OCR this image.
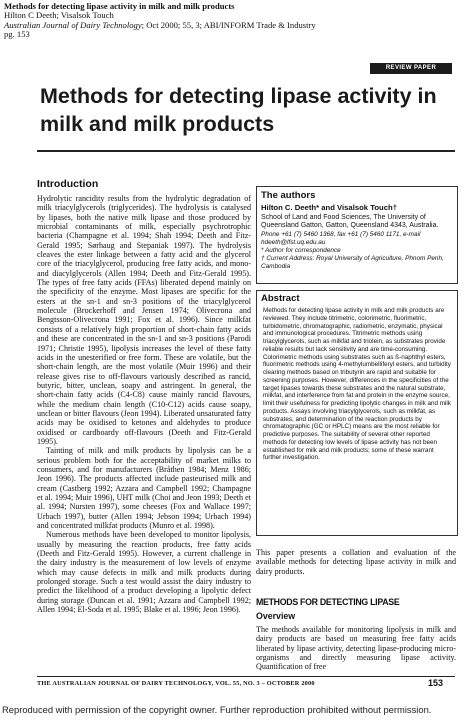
Methods for detecting lipase activity in milk and milk products
Hilton C Deeth; Visalsok Touch
Australian Journal of Dairy Technology; Oct 2000; 55, 3; ABI/INFORM Trade & Industry
pg. 153
REVIEW PAPER
Methods for detecting lipase activity in milk and milk products
Introduction

Hydrolytic rancidity results from the hydrolytic degradation of milk triacylglycerols (triglycerides). The hydrolysis is catalysed by lipases, both the native milk lipase and those produced by microbial contaminants of milk, especially psychrotrophic bacteria (Champagne et al. 1994; Shah 1994; Deeth and Fitz-Gerald 1995; Sørhaug and Stepaniak 1997). The hydrolysis cleaves the ester linkage between a fatty acid and the glycerol core of the triacylglycerol, producing free fatty acids, and mono- and diacylglycerols (Allen 1994; Deeth and Fitz-Gerald 1995). The types of free fatty acids (FFAs) liberated depend mainly on the specificity of the enzyme. Most lipases are specific for the esters at the sn-1 and sn-3 positions of the triacylglycerol molecule (Brockerhoff and Jensen 1974; Olivecrona and Bengtsson-Olivecrona 1991; Fox et al. 1996). Since milkfat consists of a relatively high proportion of short-chain fatty acids and these are concentrated in the sn-1 and sn-3 positions (Parodi 1971; Christie 1995), lipolysis increases the level of these fatty acids in the unesterified or free form. These are volatile, but the short-chain length, are the most volatile (Muir 1996) and their release gives rise to off-flavours variously described as rancid, butyric, bitter, unclean, soapy and astringent. In general, the short-chain fatty acids (C4-C8) cause mainly rancid flavours, while the medium chain length (C10-C12) acids cause soapy, unclean or bitter flavours (Jeon 1994). Liberated unsaturated fatty acids may be oxidised to ketones and aldehydes to produce oxidised or cardboardy off-flavours (Deeth and Fitz-Gerald 1995).

Tainting of milk and milk products by lipolysis can be a serious problem both for the acceptability of market milks to consumers, and for manufacturers (Bråthen 1984; Menz 1986; Jeon 1996). The products affected include pasteurised milk and cream (Castberg 1992; Azzara and Campbell 1992; Champagne et al. 1994; Muir 1996), UHT milk (Choi and Jeon 1993; Deeth et al. 1994; Nursten 1997), some cheeses (Fox and Wallace 1997; Urbach 1997), butter (Allen 1994; Jebson 1994; Urbach 1994) and concentrated milkfat products (Munro et al. 1998).

Numerous methods have been developed to monitor lipolysis, usually by measuring the reaction products, free fatty acids (Deeth and Fitz-Gerald 1995). However, a current challenge in the dairy industry is the measurement of low levels of enzyme which may cause defects in milk and milk products during prolonged storage. Such a test would assist the dairy industry to predict the likelihood of a product developing a lipolytic defect during storage (Duncan et al. 1991; Azzara and Campbell 1992; Allen 1994; El-Soda et al. 1995; Blake et al. 1996; Jeon 1996).

The authors
Hilton C. Deeth* and Visalsok Touch†
School of Land and Food Sciences, The University of Queensland Gatton, Gatton, Queensland 4343, Australia.
Phone +61 (7) 5460 1368, fax +61 (7) 5460 1171, e-mail hdeeth@lfst.uq.edu.au
* Author for correspondence
† Current Address: Royal University of Agriculture, Phnom Penh, Cambodia
Abstract

Methods for detecting lipase activity in milk and milk products are reviewed. They include titrimetric, colorimetric, fluorimetric, turbidometric, chromatographic, radiometric, enzymatic, physical and immunological procedures. Titrimetric methods using triacylglycerols, such as milkfat and triolein, as substrates provide reliable results but lack sensitivity and are time-consuming. Colorimetric methods using substrates such as ß-naphthyl esters, fluorimetric methods using 4-methylumbelliferyl esters, and turbidity clearing methods based on tributyrin are rapid and suitable for screening purposes. However, differences in the specificities of the target lipases towards these substrates and the natural substrate, milkfat, and interference from fat and protein in the enzyme source, limit their usefulness for predicting lipolytic changes in milk and milk products. Assays involving triacylglycerols, such as milkfat, as substrates, and determination of the reaction products by chromatographic (GC or HPLC) means are the most reliable for predictive purposes. The suitability of several other reported methods for detecting low levels of lipase activity has not been established for milk and milk products; some of these warrant further investigation.

This paper presents a collation and evaluation of the available methods for detecting lipase activity in milk and dairy products.

METHODS FOR DETECTING LIPASE
Overview

The methods available for monitoring lipolysis in milk and dairy products are based on measuring free fatty acids liberated by lipase activity, detecting lipase-producing micro-organisms and directly measuring lipase activity. Quantification of free

THE AUSTRALIAN JOURNAL OF DAIRY TECHNOLOGY, VOL. 55, NO. 3 – OCTOBER 2000	153
Reproduced with permission of the copyright owner. Further reproduction prohibited without permission.
